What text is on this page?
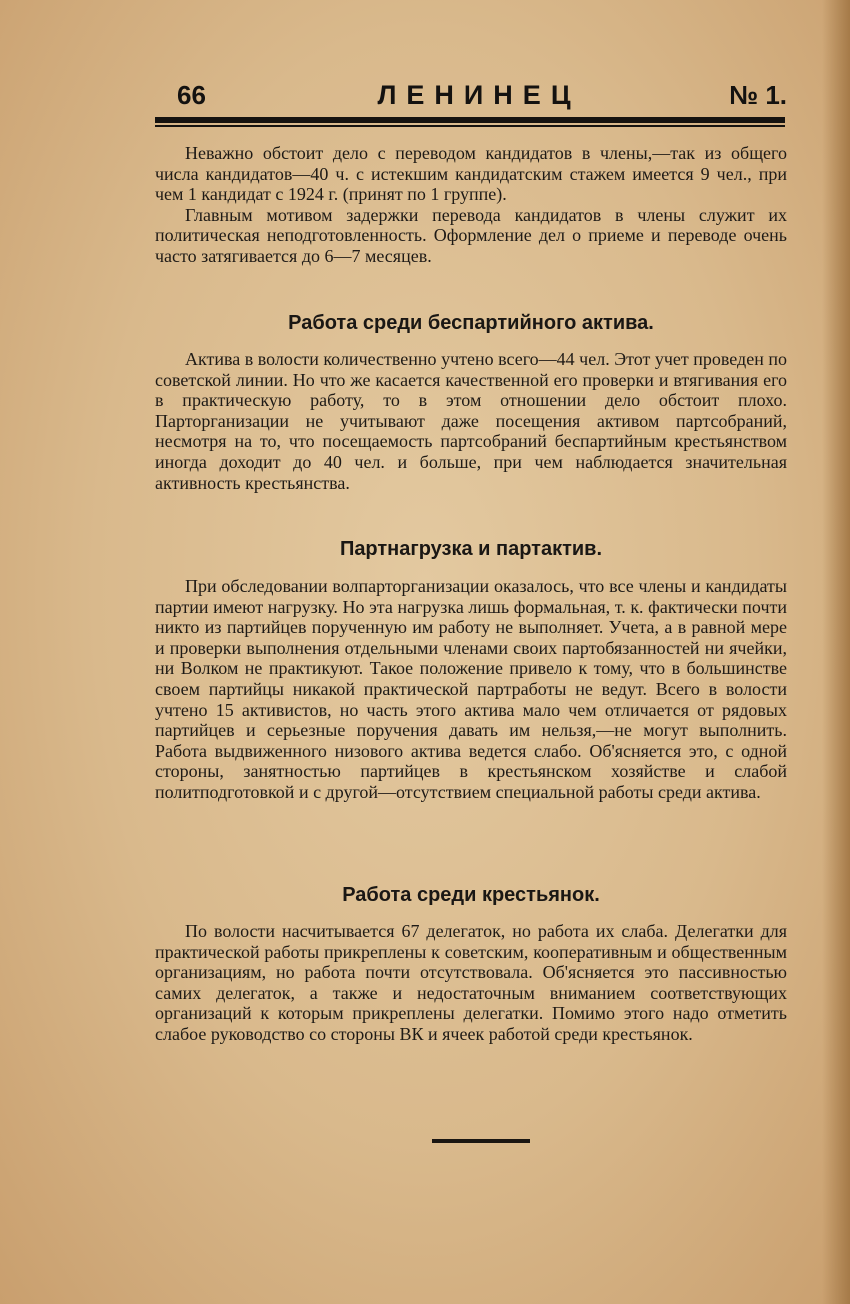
66	ЛЕНИНЕЦ	№ 1.

Неважно обстоит дело с переводом кандидатов в члены,—так из общего числа кандидатов—40 ч. с истекшим кандидатским стажем имеется 9 чел., при чем 1 кандидат с 1924 г. (принят по 1 группе).

Главным мотивом задержки перевода кандидатов в члены служит их политическая неподготовленность. Оформление дел о приеме и переводе очень часто затягивается до 6—7 месяцев.

Работа среди беспартийного актива.

Актива в волости количественно учтено всего—44 чел. Этот учет проведен по советской линии. Но что же касается качественной его проверки и втягивания его в практическую работу, то в этом отношении дело обстоит плохо. Парторганизации не учитывают даже посещения активом партсобраний, несмотря на то, что посещаемость партсобраний беспартийным крестьянством иногда доходит до 40 чел. и больше, при чем наблюдается значительная активность крестьянства.

Партнагрузка и партактив.

При обследовании волпарторганизации оказалось, что все члены и кандидаты партии имеют нагрузку. Но эта нагрузка лишь формальная, т. к. фактически почти никто из партийцев порученную им работу не выполняет. Учета, а в равной мере и проверки выполнения отдельными членами своих партобязанностей ни ячейки, ни Волком не практикуют. Такое положение привело к тому, что в большинстве своем партийцы никакой практической партработы не ведут. Всего в волости учтено 15 активистов, но часть этого актива мало чем отличается от рядовых партийцев и серьезные поручения давать им нельзя,—не могут выполнить. Работа выдвиженного низового актива ведется слабо. Об'ясняется это, с одной стороны, занятностью партийцев в крестьянском хозяйстве и слабой политподготовкой и с другой—отсутствием специальной работы среди актива.

Работа среди крестьянок.

По волости насчитывается 67 делегаток, но работа их слаба. Делегатки для практической работы прикреплены к советским, кооперативным и общественным организациям, но работа почти отсутствовала. Об'ясняется это пассивностью самих делегаток, а также и недостаточным вниманием соответствующих организаций к которым прикреплены делегатки. Помимо этого надо отметить слабое руководство со стороны ВК и ячеек работой среди крестьянок.
